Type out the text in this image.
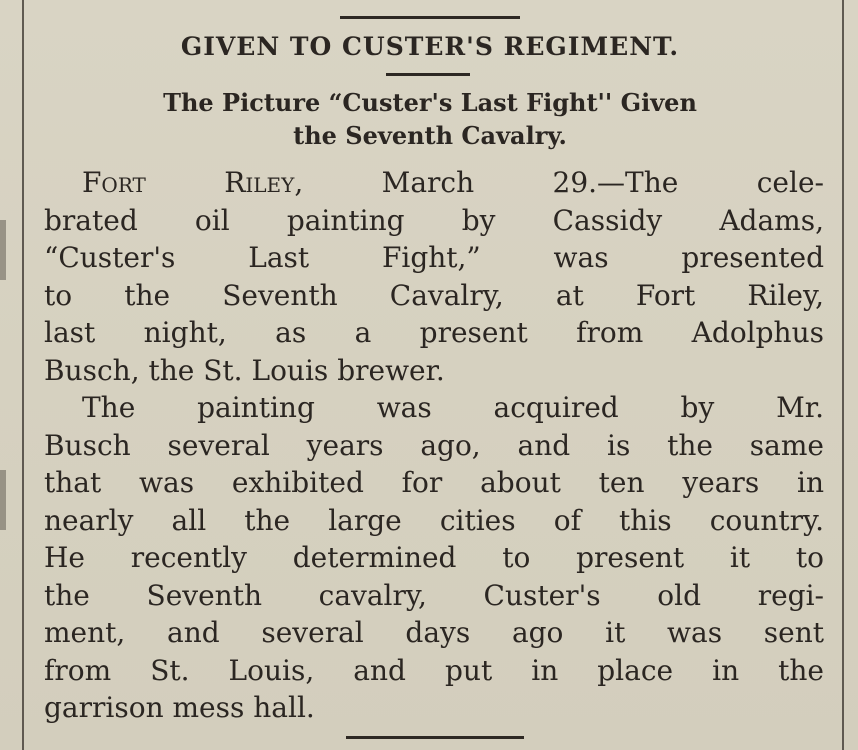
GIVEN TO CUSTER'S REGIMENT.
The Picture “Custer's Last Fight'' Given
the Seventh Cavalry.
Fort Riley, March 29.—The cele-
brated oil painting by Cassidy Adams,
“Custer's Last Fight,” was presented
to the Seventh Cavalry, at Fort Riley,
last night, as a present from Adolphus
Busch, the St. Louis brewer.
The painting was acquired by Mr.
Busch several years ago, and is the same
that was exhibited for about ten years in
nearly all the large cities of this country.
He recently determined to present it to
the Seventh cavalry, Custer's old regi-
ment, and several days ago it was sent
from St. Louis, and put in place in the
garrison mess hall.
